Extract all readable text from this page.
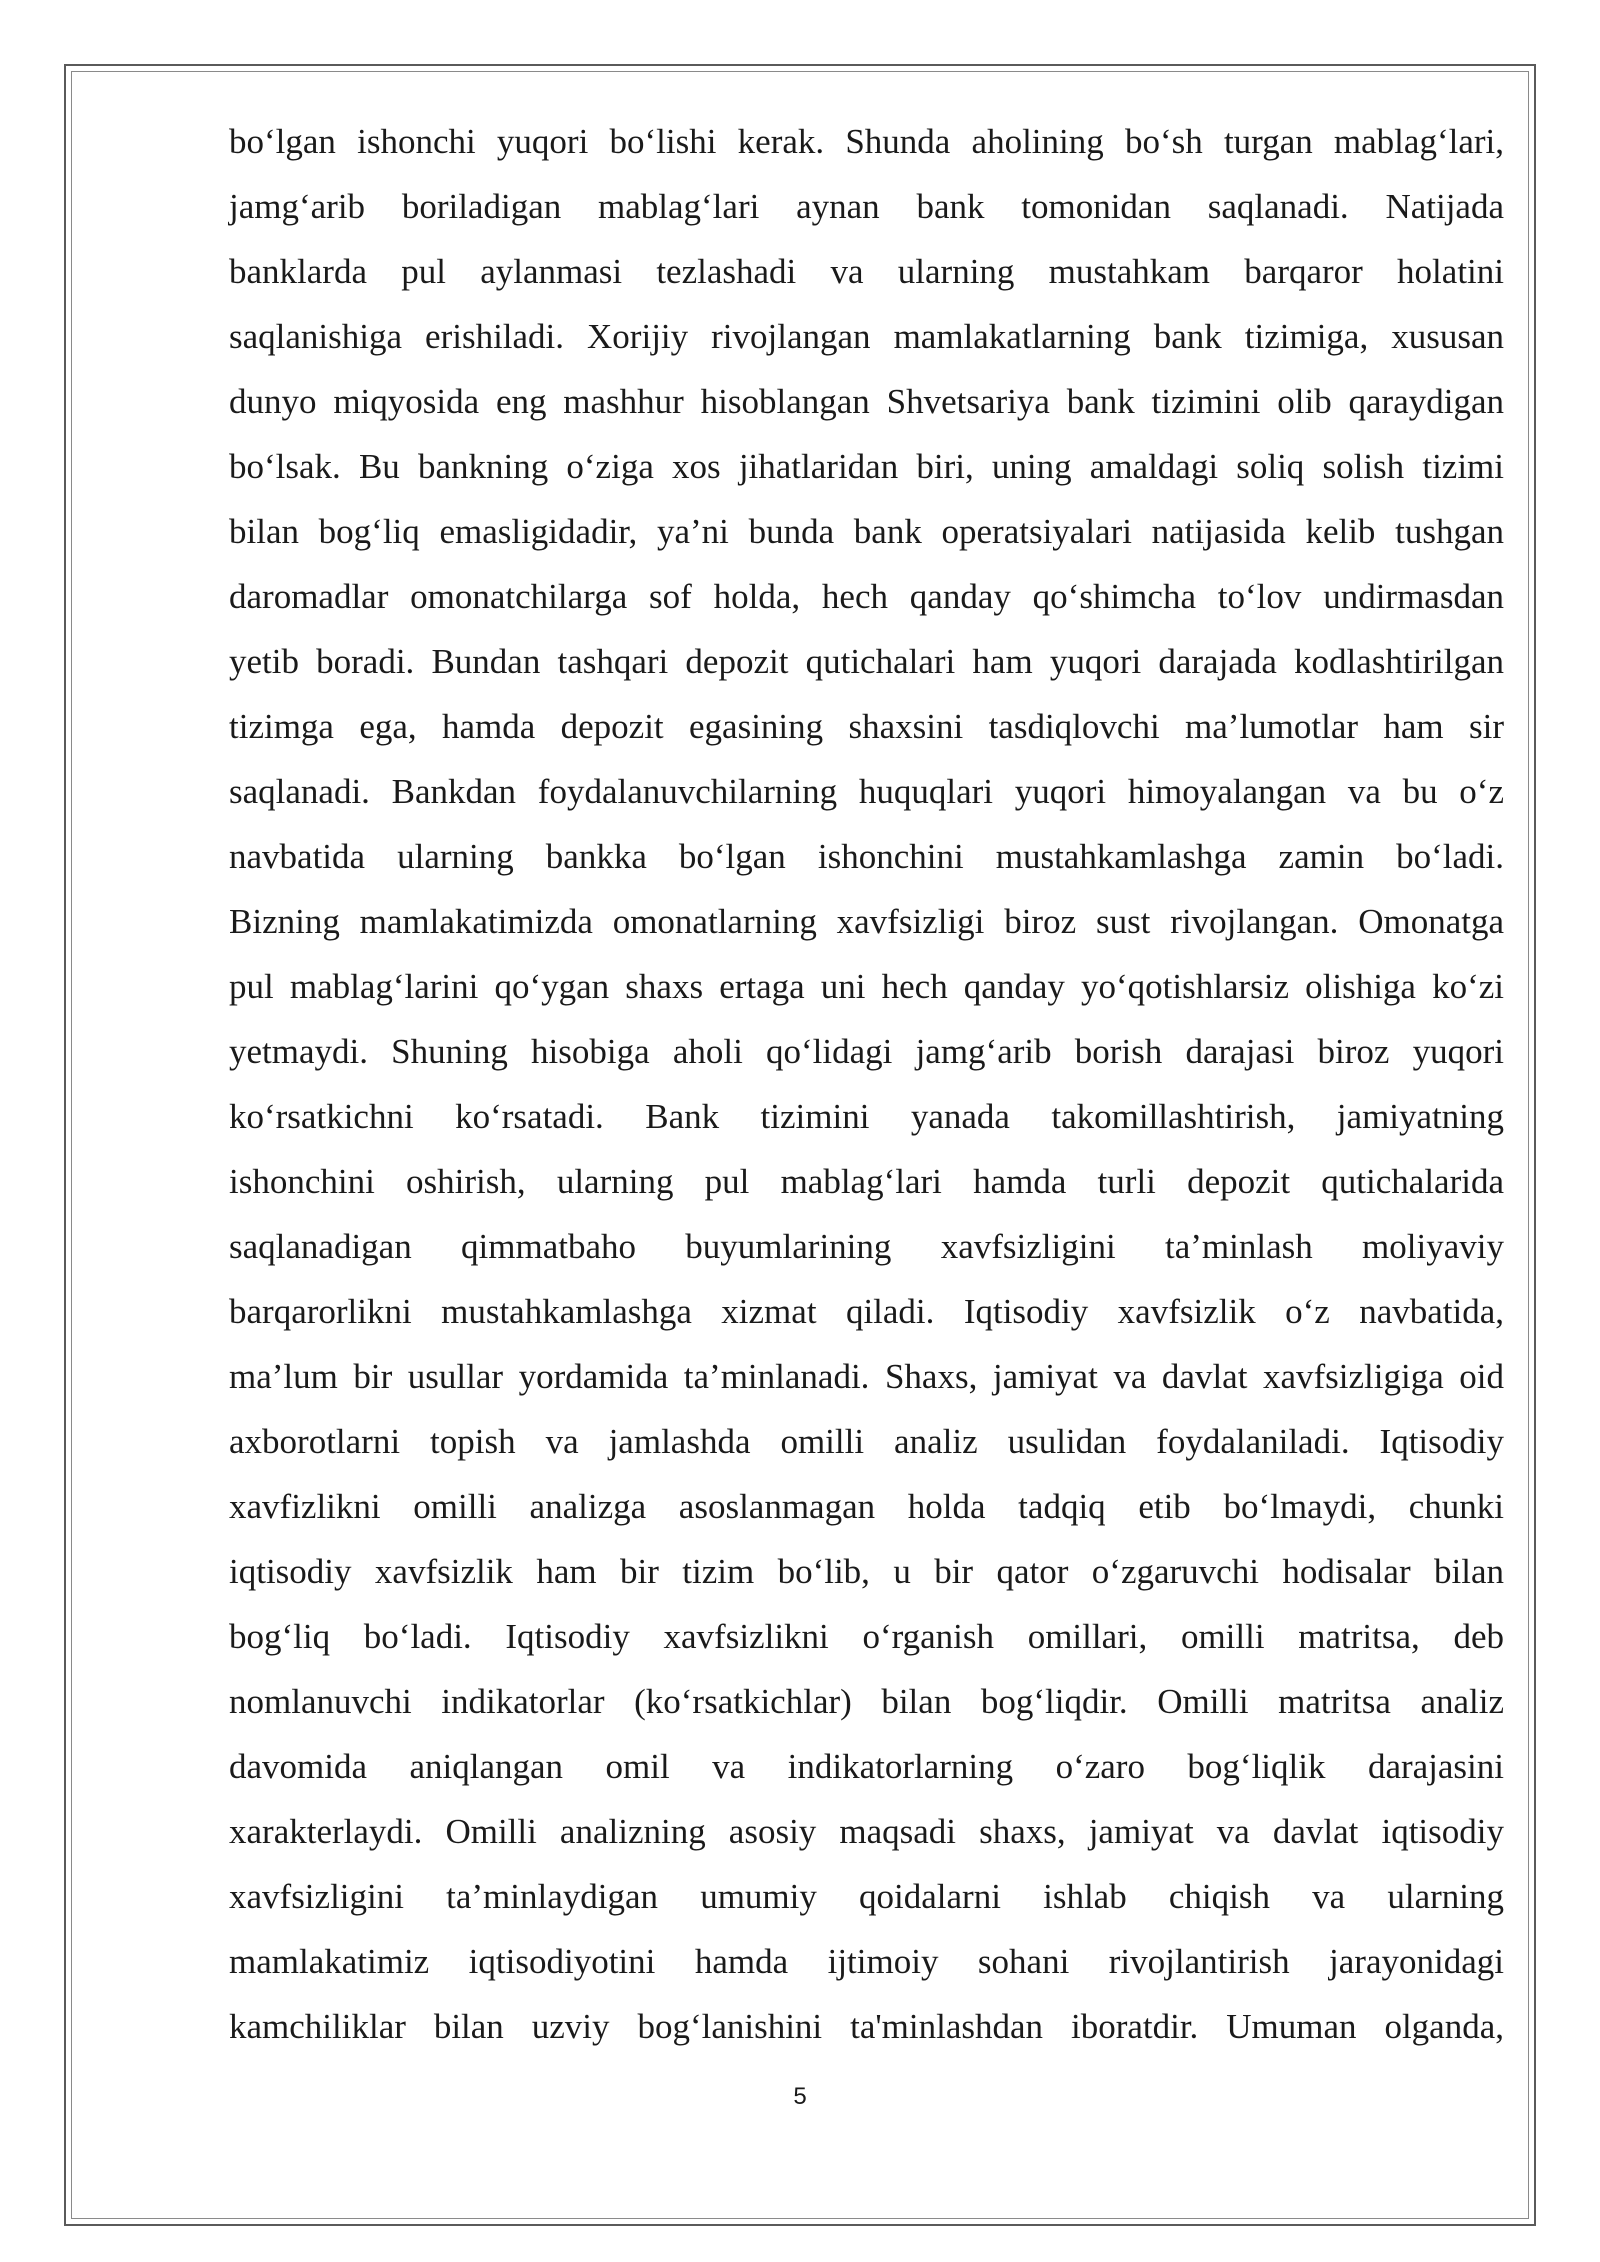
bo‘lgan ishonchi yuqori bo‘lishi kerak. Shunda aholining bo‘sh turgan mablag‘lari,
jamg‘arib boriladigan mablag‘lari aynan bank tomonidan saqlanadi. Natijada
banklarda pul aylanmasi tezlashadi va ularning mustahkam barqaror holatini
saqlanishiga erishiladi. Xorijiy rivojlangan mamlakatlarning bank tizimiga, xususan
dunyo miqyosida eng mashhur hisoblangan Shvetsariya bank tizimini olib qaraydigan
bo‘lsak. Bu bankning o‘ziga xos jihatlaridan biri, uning amaldagi soliq solish tizimi
bilan bog‘liq emasligidadir, ya’ni bunda bank operatsiyalari natijasida kelib tushgan
daromadlar omonatchilarga sof holda, hech qanday qo‘shimcha to‘lov undirmasdan
yetib boradi. Bundan tashqari depozit qutichalari ham yuqori darajada kodlashtirilgan
tizimga ega, hamda depozit egasining shaxsini tasdiqlovchi ma’lumotlar ham sir
saqlanadi. Bankdan foydalanuvchilarning huquqlari yuqori himoyalangan va bu o‘z
navbatida ularning bankka bo‘lgan ishonchini mustahkamlashga zamin bo‘ladi.
Bizning mamlakatimizda omonatlarning xavfsizligi biroz sust rivojlangan. Omonatga
pul mablag‘larini qo‘ygan shaxs ertaga uni hech qanday yo‘qotishlarsiz olishiga ko‘zi
yetmaydi. Shuning hisobiga aholi qo‘lidagi jamg‘arib borish darajasi biroz yuqori
ko‘rsatkichni ko‘rsatadi. Bank tizimini yanada takomillashtirish, jamiyatning
ishonchini oshirish, ularning pul mablag‘lari hamda turli depozit qutichalarida
saqlanadigan qimmatbaho buyumlarining xavfsizligini ta’minlash moliyaviy
barqarorlikni mustahkamlashga xizmat qiladi. Iqtisodiy xavfsizlik o‘z navbatida,
ma’lum bir usullar yordamida ta’minlanadi. Shaxs, jamiyat va davlat xavfsizligiga oid
axborotlarni topish va jamlashda omilli analiz usulidan foydalaniladi. Iqtisodiy
xavfizlikni omilli analizga asoslanmagan holda tadqiq etib bo‘lmaydi, chunki
iqtisodiy xavfsizlik ham bir tizim bo‘lib, u bir qator o‘zgaruvchi hodisalar bilan
bog‘liq bo‘ladi. Iqtisodiy xavfsizlikni o‘rganish omillari, omilli matritsa, deb
nomlanuvchi indikatorlar (ko‘rsatkichlar) bilan bog‘liqdir. Omilli matritsa analiz
davomida aniqlangan omil va indikatorlarning o‘zaro bog‘liqlik darajasini
xarakterlaydi. Omilli analizning asosiy maqsadi shaxs, jamiyat va davlat iqtisodiy
xavfsizligini ta’minlaydigan umumiy qoidalarni ishlab chiqish va ularning
mamlakatimiz iqtisodiyotini hamda ijtimoiy sohani rivojlantirish jarayonidagi
kamchiliklar bilan uzviy bog‘lanishini ta'minlashdan iboratdir. Umuman olganda,

5
